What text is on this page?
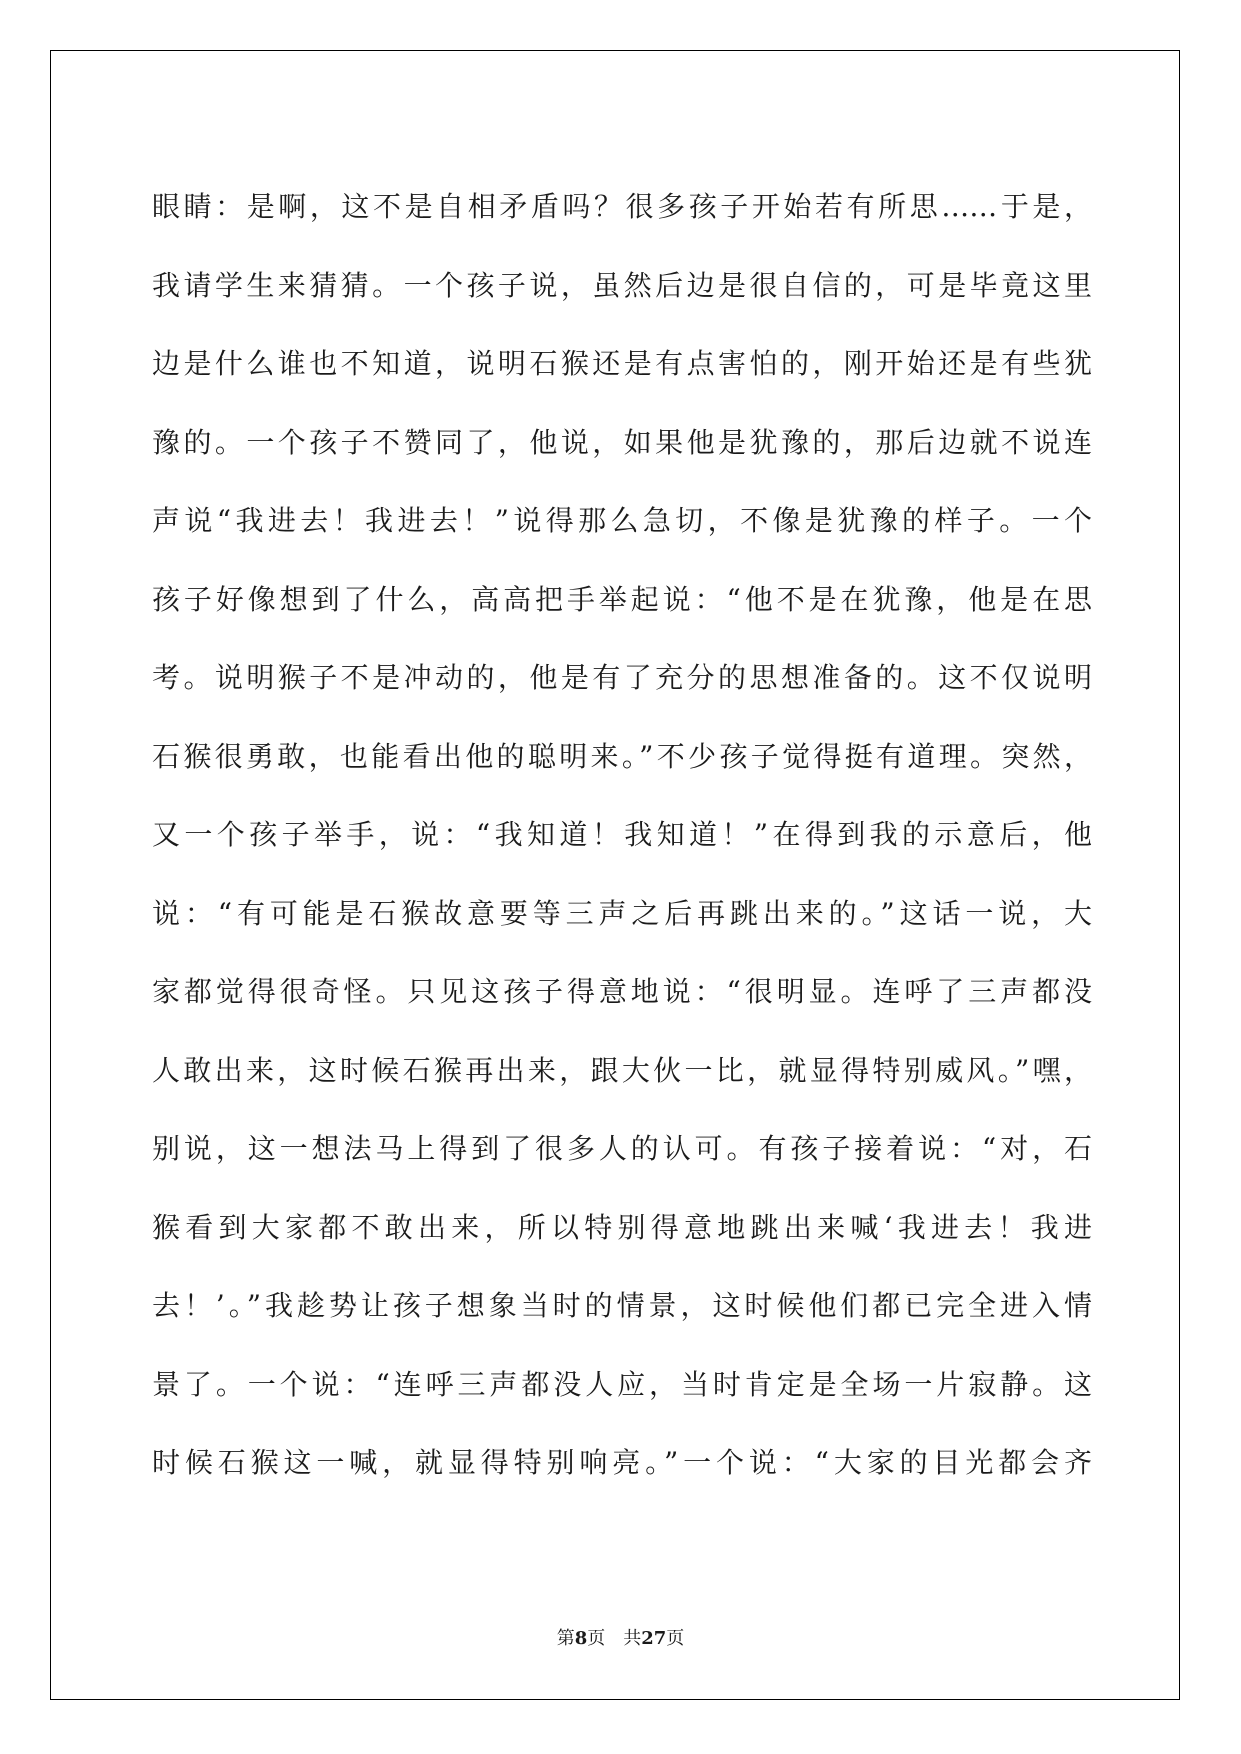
眼睛：是啊，这不是自相矛盾吗？很多孩子开始若有所思……于是，
我请学生来猜猜。一个孩子说，虽然后边是很自信的，可是毕竟这里
边是什么谁也不知道，说明石猴还是有点害怕的，刚开始还是有些犹
豫的。一个孩子不赞同了，他说，如果他是犹豫的，那后边就不说连
声说“我进去！我进去！”说得那么急切，不像是犹豫的样子。一个
孩子好像想到了什么，高高把手举起说：“他不是在犹豫，他是在思
考。说明猴子不是冲动的，他是有了充分的思想准备的。这不仅说明
石猴很勇敢，也能看出他的聪明来。”不少孩子觉得挺有道理。突然，
又一个孩子举手，说：“我知道！我知道！”在得到我的示意后，他
说：“有可能是石猴故意要等三声之后再跳出来的。”这话一说，大
家都觉得很奇怪。只见这孩子得意地说：“很明显。连呼了三声都没
人敢出来，这时候石猴再出来，跟大伙一比，就显得特别威风。”嘿，
别说，这一想法马上得到了很多人的认可。有孩子接着说：“对，石
猴看到大家都不敢出来，所以特别得意地跳出来喊‘我进去！我进
去！’。”我趁势让孩子想象当时的情景，这时候他们都已完全进入情
景了。一个说：“连呼三声都没人应，当时肯定是全场一片寂静。这
时候石猴这一喊，就显得特别响亮。”一个说：“大家的目光都会齐
第8页 共27页
